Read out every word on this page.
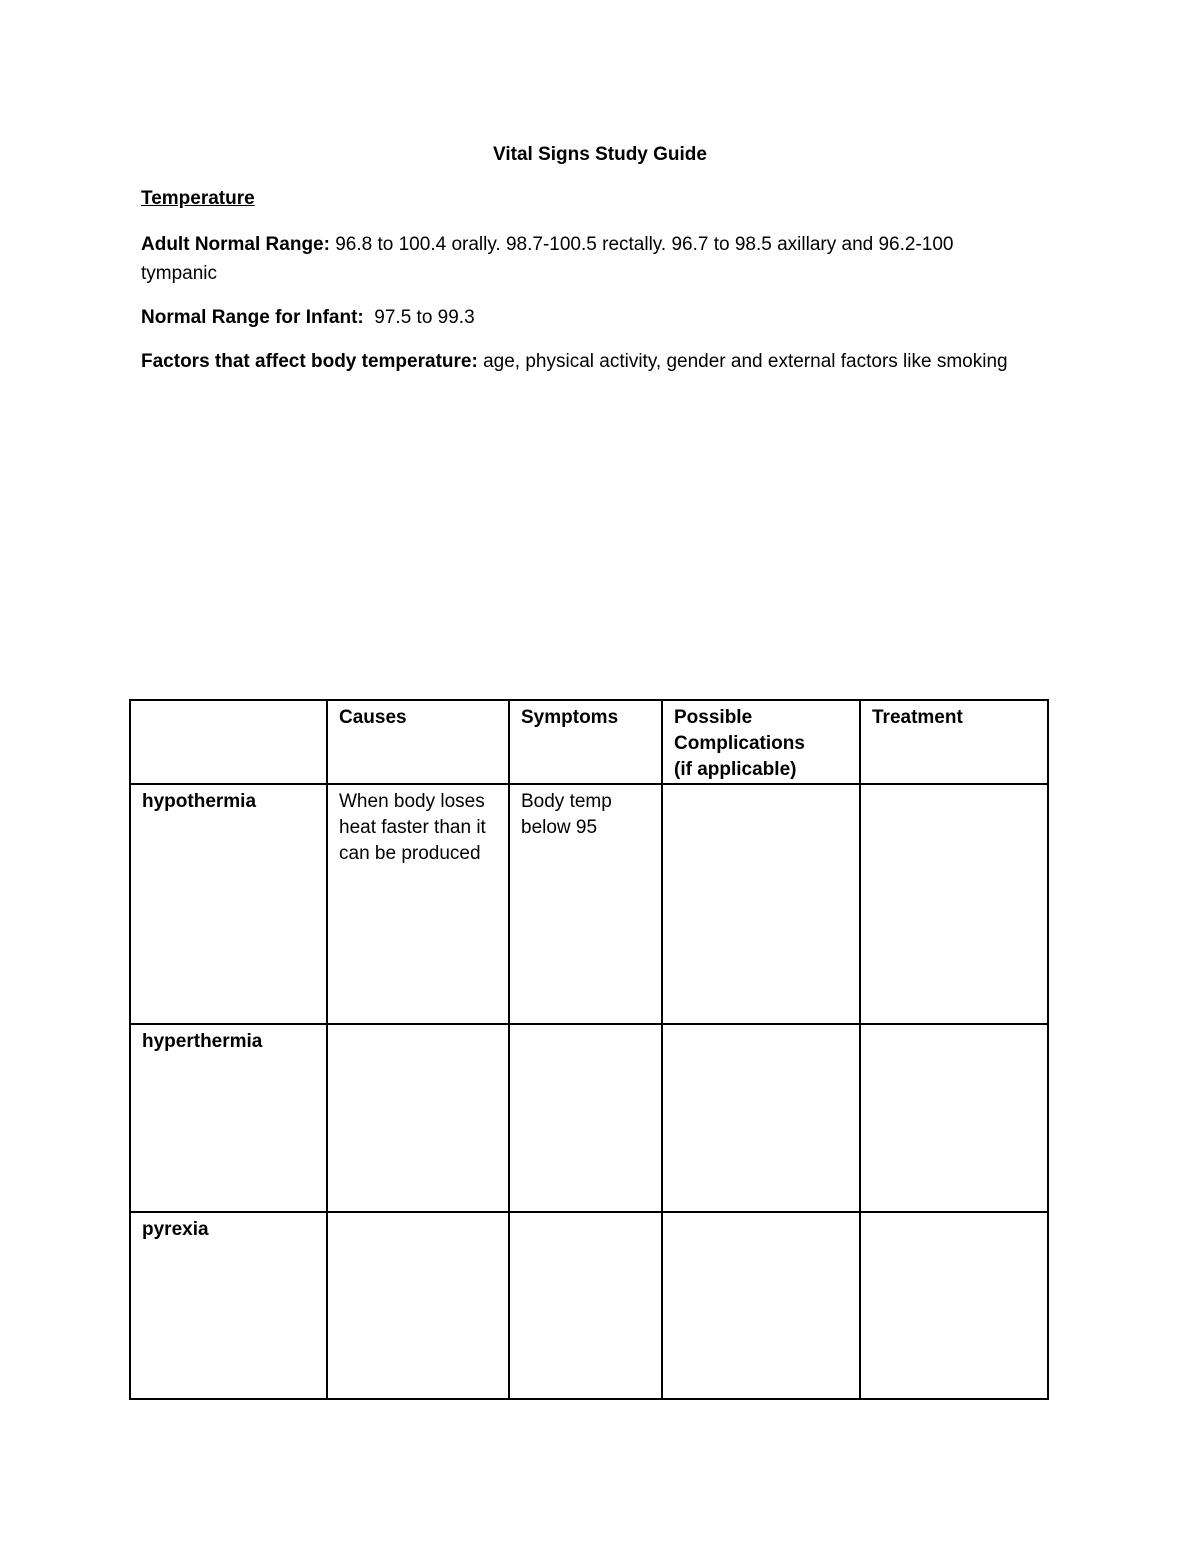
Vital Signs Study Guide
Temperature
Adult Normal Range: 96.8 to 100.4 orally. 98.7-100.5 rectally. 96.7 to 98.5 axillary and 96.2-100 tympanic
Normal Range for Infant:  97.5 to 99.3
Factors that affect body temperature: age, physical activity, gender and external factors like smoking
	Causes	Symptoms	Possible
Complications
(if applicable)	Treatment
hypothermia	When body loses
heat faster than it
can be produced	Body temp
below 95		

hyperthermia				
pyrexia				
